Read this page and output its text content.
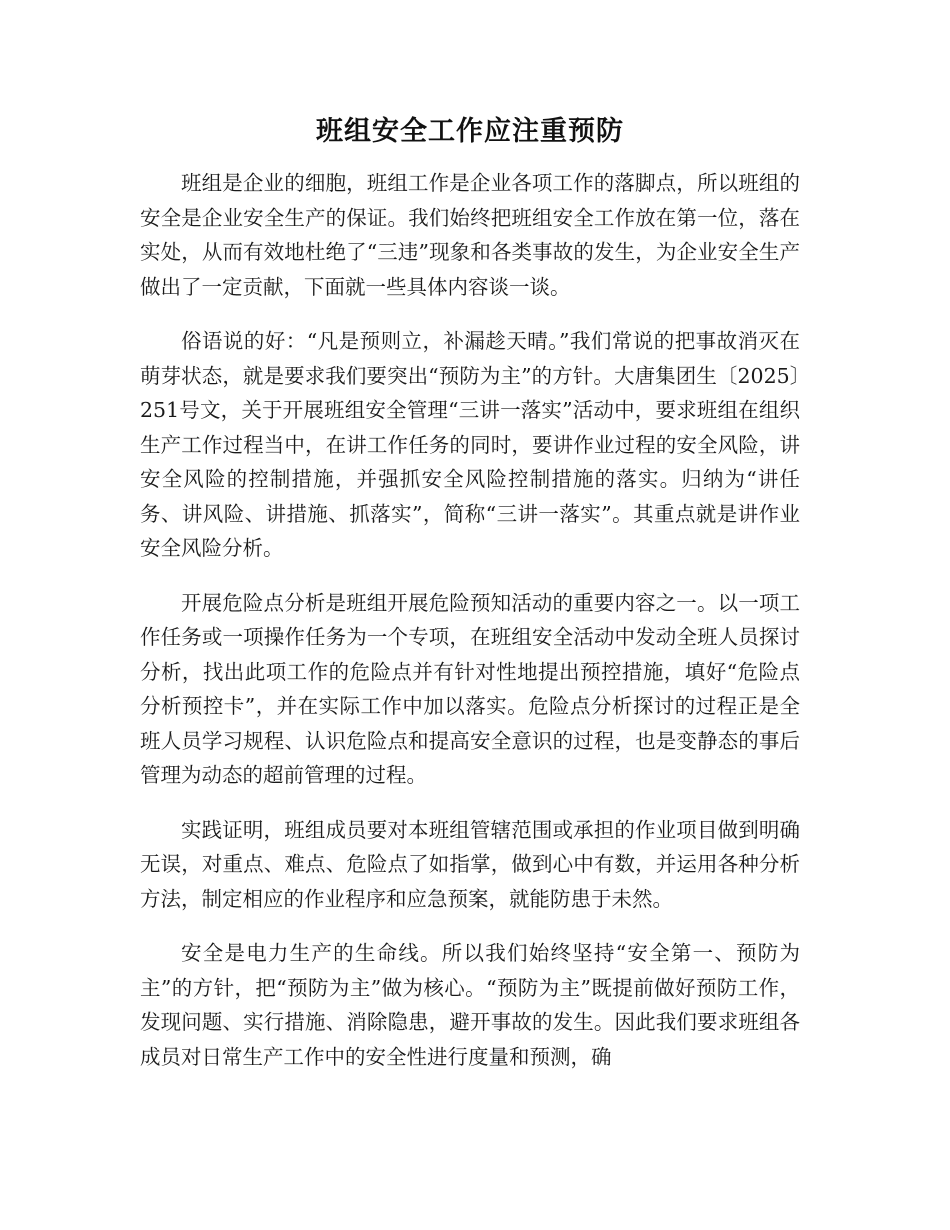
班组安全工作应注重预防

班组是企业的细胞，班组工作是企业各项工作的落脚点，所以班组的安全是企业安全生产的保证。我们始终把班组安全工作放在第一位，落在实处，从而有效地杜绝了“三违”现象和各类事故的发生，为企业安全生产做出了一定贡献，下面就一些具体内容谈一谈。

俗语说的好：“凡是预则立，补漏趁天晴。”我们常说的把事故消灭在萌芽状态，就是要求我们要突出“预防为主”的方针。大唐集团生〔2025〕251号文，关于开展班组安全管理“三讲一落实”活动中，要求班组在组织生产工作过程当中，在讲工作任务的同时，要讲作业过程的安全风险，讲安全风险的控制措施，并强抓安全风险控制措施的落实。归纳为“讲任务、讲风险、讲措施、抓落实”，简称“三讲一落实”。其重点就是讲作业安全风险分析。

开展危险点分析是班组开展危险预知活动的重要内容之一。以一项工作任务或一项操作任务为一个专项，在班组安全活动中发动全班人员探讨分析，找出此项工作的危险点并有针对性地提出预控措施，填好“危险点分析预控卡”，并在实际工作中加以落实。危险点分析探讨的过程正是全班人员学习规程、认识危险点和提高安全意识的过程，也是变静态的事后管理为动态的超前管理的过程。

实践证明，班组成员要对本班组管辖范围或承担的作业项目做到明确无误，对重点、难点、危险点了如指掌，做到心中有数，并运用各种分析方法，制定相应的作业程序和应急预案，就能防患于未然。

安全是电力生产的生命线。所以我们始终坚持“安全第一、预防为主”的方针，把“预防为主”做为核心。“预防为主”既提前做好预防工作，发现问题、实行措施、消除隐患，避开事故的发生。因此我们要求班组各成员对日常生产工作中的安全性进行度量和预测，确
